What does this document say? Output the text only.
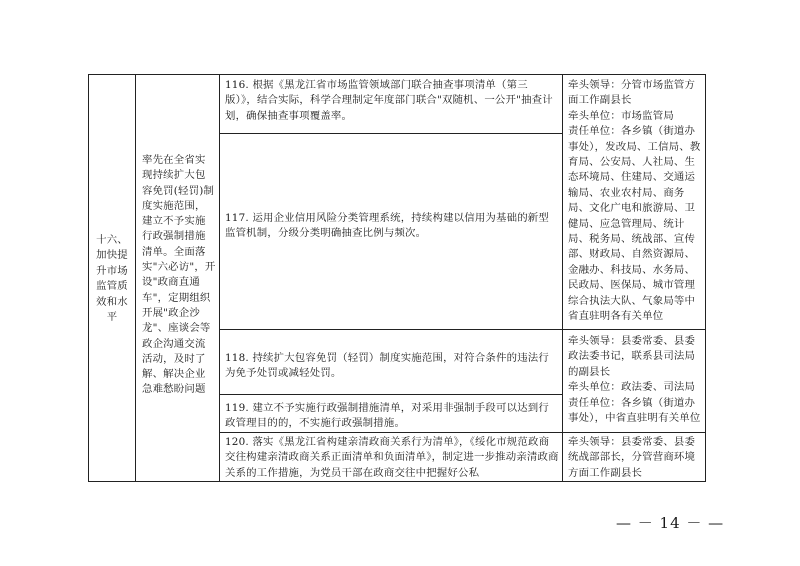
十六、
加快提
升市场
监管质
效和水
平
率先在全省实现持续扩大包容免罚(轻罚)制度实施范围，建立不予实施行政强制措施清单。全面落实"六必访"，开设"政商直通车"，定期组织开展"政企沙龙"、座谈会等政企沟通交流活动，及时了解、解决企业急难愁盼问题
116. 根据《黑龙江省市场监管领域部门联合抽查事项清单（第三版）》，结合实际，科学合理制定年度部门联合"双随机、一公开"抽查计划，确保抽查事项覆盖率。
117. 运用企业信用风险分类管理系统，持续构建以信用为基础的新型监管机制，分级分类明确抽查比例与频次。
118. 持续扩大包容免罚（轻罚）制度实施范围，对符合条件的违法行为免予处罚或减轻处罚。
119. 建立不予实施行政强制措施清单，对采用非强制手段可以达到行政管理目的的，不实施行政强制措施。
120. 落实《黑龙江省构建亲清政商关系行为清单》，《绥化市规范政商交往构建亲清政商关系正面清单和负面清单》，制定进一步推动亲清政商关系的工作措施，为党员干部在政商交往中把握好公私
牵头领导：分管市场监管方面工作副县长
牵头单位：市场监管局
责任单位：各乡镇（街道办事处），发改局、工信局、教育局、公安局、人社局、生态环境局、住建局、交通运输局、农业农村局、商务局、文化广电和旅游局、卫健局、应急管理局、统计局、税务局、统战部、宣传部、财政局、自然资源局、金融办、科技局、水务局、民政局、医保局、城市管理综合执法大队、气象局等中省直驻明各有关单位
牵头领导：县委常委、县委政法委书记，联系县司法局的副县长
牵头单位：政法委、司法局
责任单位：各乡镇（街道办事处），中省直驻明有关单位
牵头领导：县委常委、县委统战部部长，分管营商环境方面工作副县长
— － 14 － —
